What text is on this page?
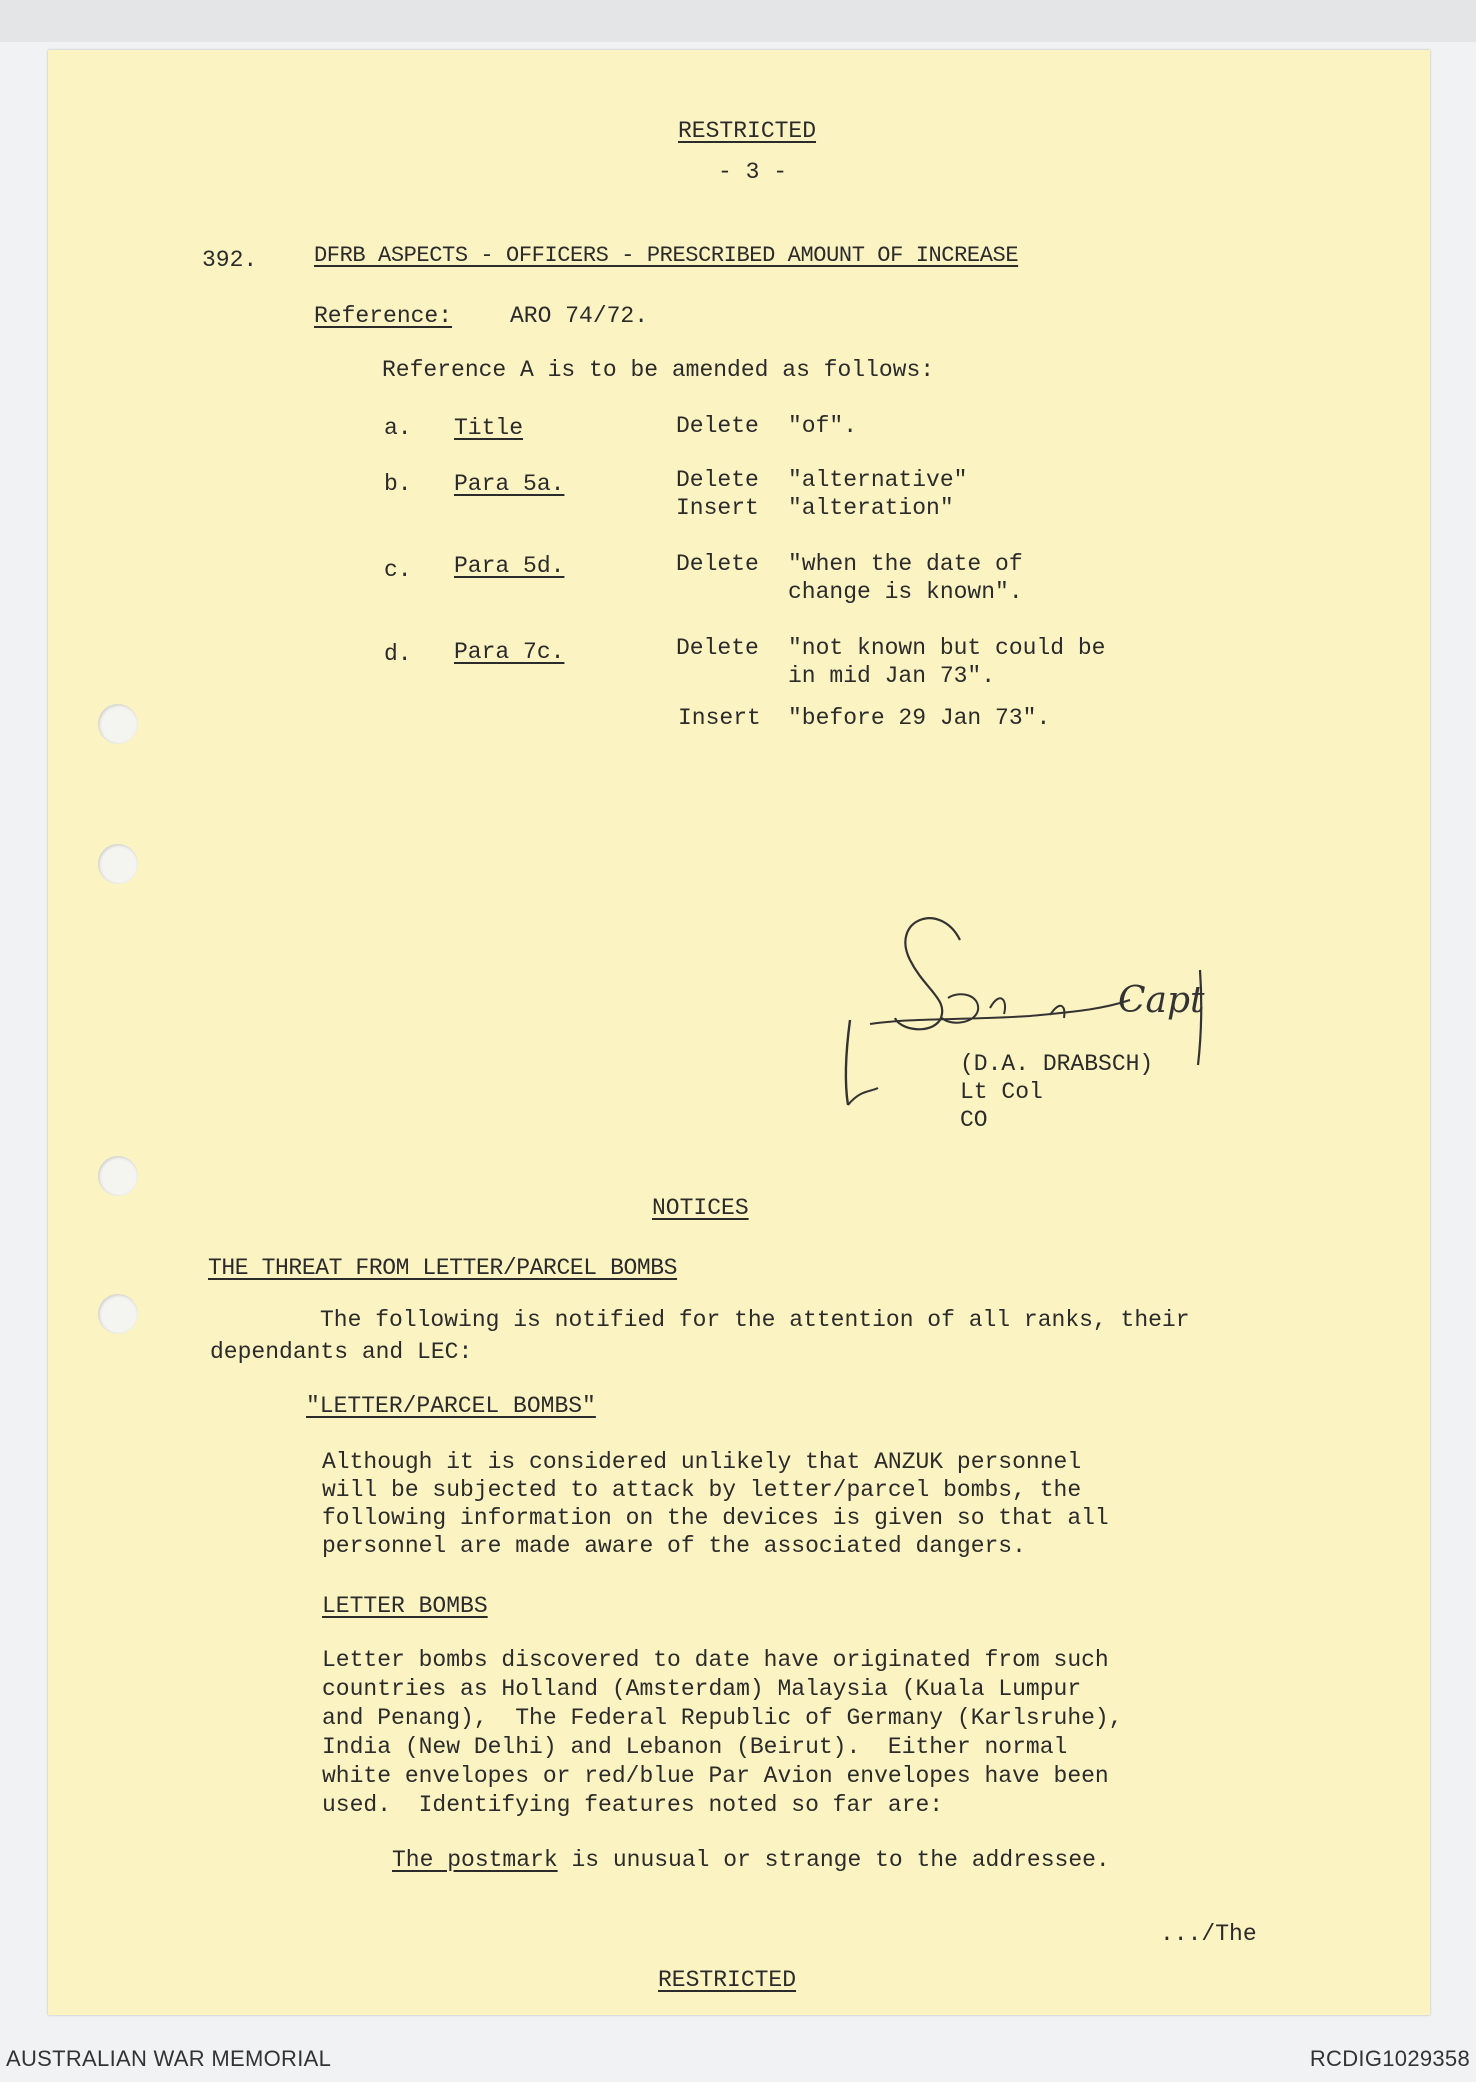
RESTRICTED
- 3 -
392.	DFRB ASPECTS - OFFICERS - PRESCRIBED AMOUNT OF INCREASE
Reference:	ARO 74/72.
Reference A is to be amended as follows:
a. Title	Delete "of".
b. Para 5a.	Delete "alternative"
Insert "alteration"
c. Para 5d.	Delete "when the date of
change is known".
d. Para 7c.	Delete "not known but could be
in mid Jan 73".
Insert "before 29 Jan 73".
Capt
(D.A. DRABSCH)
Lt Col
CO
NOTICES
THE THREAT FROM LETTER/PARCEL BOMBS
The following is notified for the attention of all ranks, their
dependants and LEC:
"LETTER/PARCEL BOMBS"
Although it is considered unlikely that ANZUK personnel
will be subjected to attack by letter/parcel bombs, the
following information on the devices is given so that all
personnel are made aware of the associated dangers.
LETTER BOMBS
Letter bombs discovered to date have originated from such
countries as Holland (Amsterdam) Malaysia (Kuala Lumpur
and Penang),  The Federal Republic of Germany (Karlsruhe),
India (New Delhi) and Lebanon (Beirut).  Either normal
white envelopes or red/blue Par Avion envelopes have been
used.  Identifying features noted so far are:
The postmark is unusual or strange to the addressee.
.../The
RESTRICTED
AUSTRALIAN WAR MEMORIAL	RCDIG1029358
